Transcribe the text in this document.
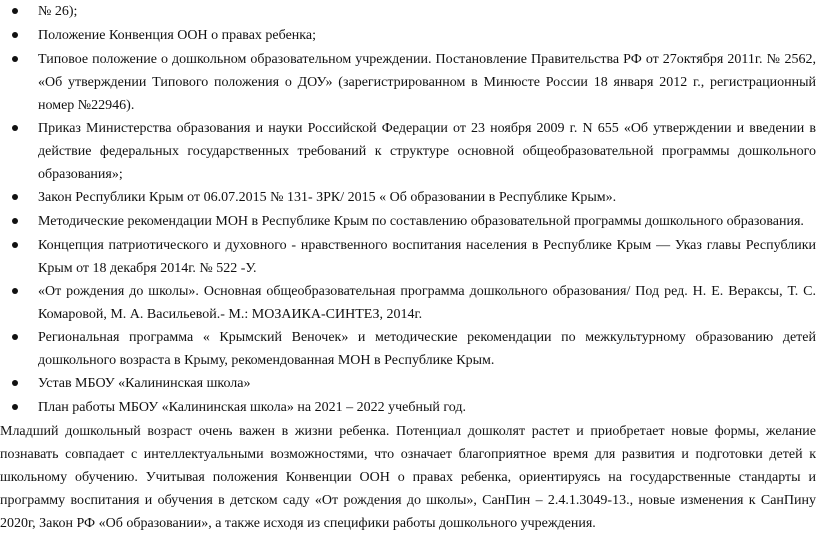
№ 26);
Положение Конвенция ООН о правах ребенка;
Типовое положение о дошкольном образовательном учреждении. Постановление Правительства РФ от 27октября 2011г. № 2562, «Об утверждении Типового положения о ДОУ» (зарегистрированном в Минюсте России 18 января 2012 г., регистрационный номер №22946).
Приказ Министерства образования и науки Российской Федерации от 23 ноября 2009 г. N 655 «Об утверждении и введении в действие федеральных государственных требований к структуре основной общеобразовательной программы дошкольного образования»;
Закон Республики Крым от 06.07.2015 № 131- ЗРК/ 2015 « Об образовании в Республике Крым».
Методические рекомендации МОН в Республике Крым по составлению образовательной программы дошкольного образования.
Концепция патриотического и духовного - нравственного воспитания населения в Республике Крым — Указ главы Республики Крым от 18 декабря 2014г. № 522 -У.
«От рождения до школы». Основная общеобразовательная программа дошкольного образования/ Под ред. Н. Е. Вераксы, Т. С. Комаровой, М. А. Васильевой.- М.: МОЗАИКА-СИНТЕЗ, 2014г.
Региональная программа « Крымский Веночек» и методические рекомендации по межкультурному образованию детей дошкольного возраста в Крыму, рекомендованная МОН в Республике Крым.
Устав МБОУ «Калининская школа»
План работы МБОУ «Калининская школа» на 2021 – 2022 учебный год.

Младший дошкольный возраст очень важен в жизни ребенка. Потенциал дошколят растет и приобретает новые формы, желание познавать совпадает с интеллектуальными возможностями, что означает благоприятное время для развития и подготовки детей к школьному обучению. Учитывая положения Конвенции ООН о правах ребенка, ориентируясь на государственные стандарты и программу воспитания и обучения в детском саду «От рождения до школы», СанПин – 2.4.1.3049-13., новые изменения к СанПину 2020г, Закон РФ «Об образовании», а также исходя из специфики работы дошкольного учреждения.
